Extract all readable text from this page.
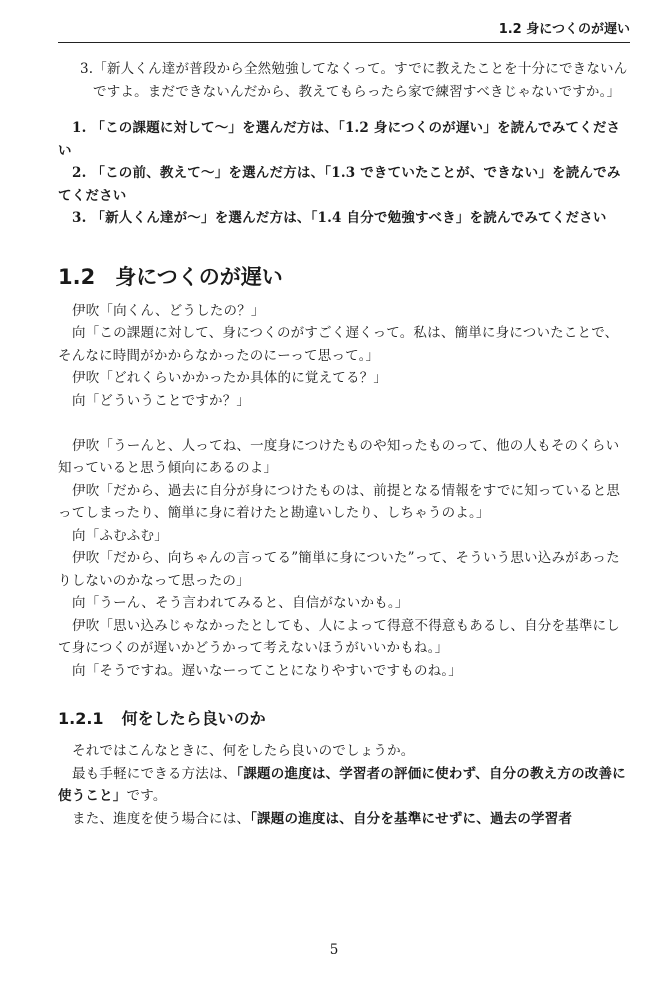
1.2 身につくのが遅い

3.「新人くん達が普段から全然勉強してなくって。すでに教えたことを十分にできないんですよ。まだできないんだから、教えてもらったら家で練習すべきじゃないですか。」

1. 「この課題に対して〜」を選んだ方は、「1.2 身につくのが遅い」を読んでみてください

2. 「この前、教えて〜」を選んだ方は、「1.3 できていたことが、できない」を読んでみてください

3. 「新人くん達が〜」を選んだ方は、「1.4 自分で勉強すべき」を読んでみてください

1.2 身につくのが遅い

伊吹「向くん、どうしたの？」

向「この課題に対して、身につくのがすごく遅くって。私は、簡単に身についたことで、そんなに時間がかからなかったのにーって思って。」

伊吹「どれくらいかかったか具体的に覚えてる？」

向「どういうことですか？」

伊吹「うーんと、人ってね、一度身につけたものや知ったものって、他の人もそのくらい知っていると思う傾向にあるのよ」

伊吹「だから、過去に自分が身につけたものは、前提となる情報をすでに知っていると思ってしまったり、簡単に身に着けたと勘違いしたり、しちゃうのよ。」

向「ふむふむ」

伊吹「だから、向ちゃんの言ってる”簡単に身についた”って、そういう思い込みがあったりしないのかなって思ったの」

向「うーん、そう言われてみると、自信がないかも。」

伊吹「思い込みじゃなかったとしても、人によって得意不得意もあるし、自分を基準にして身につくのが遅いかどうかって考えないほうがいいかもね。」

向「そうですね。遅いなーってことになりやすいですものね。」

1.2.1 何をしたら良いのか

それではこんなときに、何をしたら良いのでしょうか。

最も手軽にできる方法は、「課題の進度は、学習者の評価に使わず、自分の教え方の改善に使うこと」です。

また、進度を使う場合には、「課題の進度は、自分を基準にせずに、過去の学習者

5
